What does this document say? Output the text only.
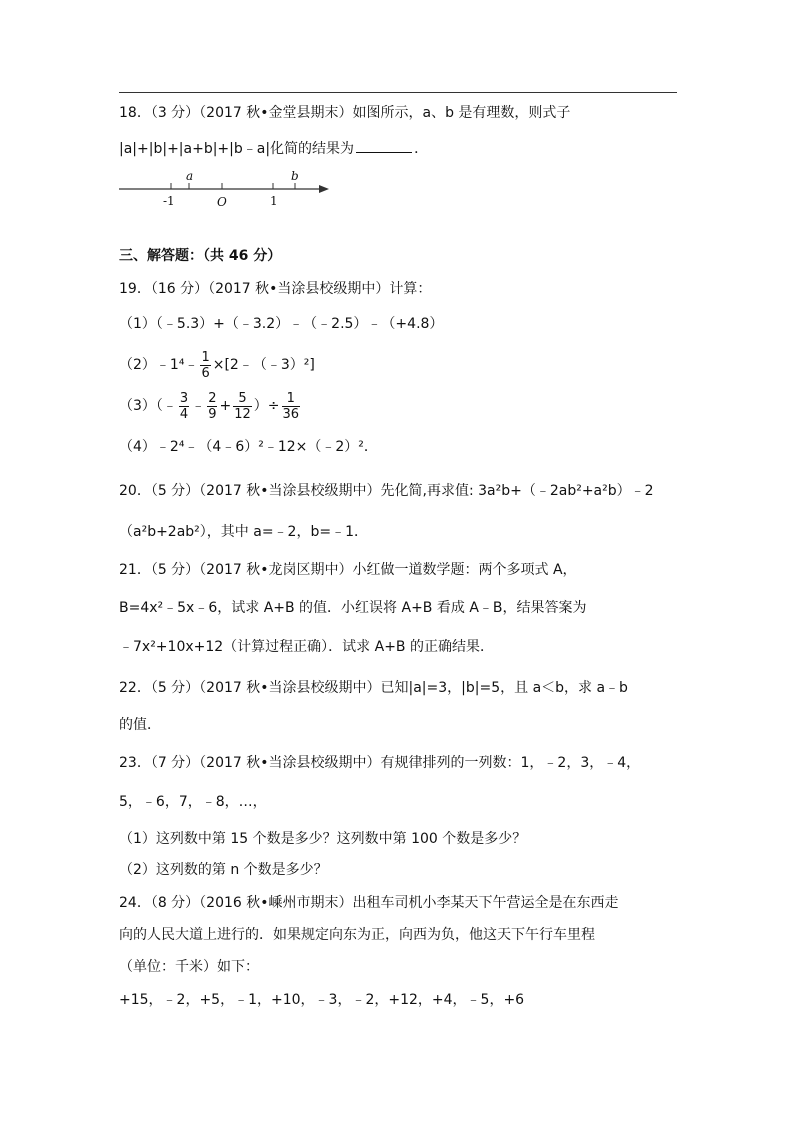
18．（3 分）（2017 秋•金堂县期末）如图所示，a、b 是有理数，则式子
|a|+|b|+|a+b|+|b﹣a|化简的结果为	．
a	b
-1	O	1
三、解答题：（共 46 分）
19．（16 分）（2017 秋•当涂县校级期中）计算：
（1）（﹣5.3）+（﹣3.2）﹣（﹣2.5）﹣（+4.8）
（2）﹣1⁴﹣ $\frac{1}{6}$ ×[2﹣（﹣3）²]
（3）（﹣ $\frac{3}{4}$ ﹣ $\frac{2}{9} + \frac{5}{12}$ ）÷ $\frac{1}{36}$
（4）﹣2⁴﹣（4﹣6）²﹣12×（﹣2）²．
20．（5 分）（2017 秋•当涂县校级期中）先化简,再求值: 3a²b+（﹣2ab²+a²b）﹣2
（a²b+2ab²），其中 a=﹣2，b=﹣1．
21．（5 分）（2017 秋•龙岗区期中）小红做一道数学题：两个多项式 A，
B=4x²﹣5x﹣6，试求 A+B 的值．小红误将 A+B 看成 A﹣B，结果答案为
﹣7x²+10x+12（计算过程正确）．试求 A+B 的正确结果．
22．（5 分）（2017 秋•当涂县校级期中）已知|a|=3，|b|=5，且 a＜b，求 a﹣b
的值．
23．（7 分）（2017 秋•当涂县校级期中）有规律排列的一列数：1，﹣2，3，﹣4，
5，﹣6，7，﹣8，…，
（1）这列数中第 15 个数是多少？这列数中第 100 个数是多少？
（2）这列数的第 n 个数是多少？
24．（8 分）（2016 秋•嵊州市期末）出租车司机小李某天下午营运全是在东西走
向的人民大道上进行的．如果规定向东为正，向西为负，他这天下午行车里程
（单位：千米）如下：
+15，﹣2，+5，﹣1，+10，﹣3，﹣2，+12，+4，﹣5，+6
